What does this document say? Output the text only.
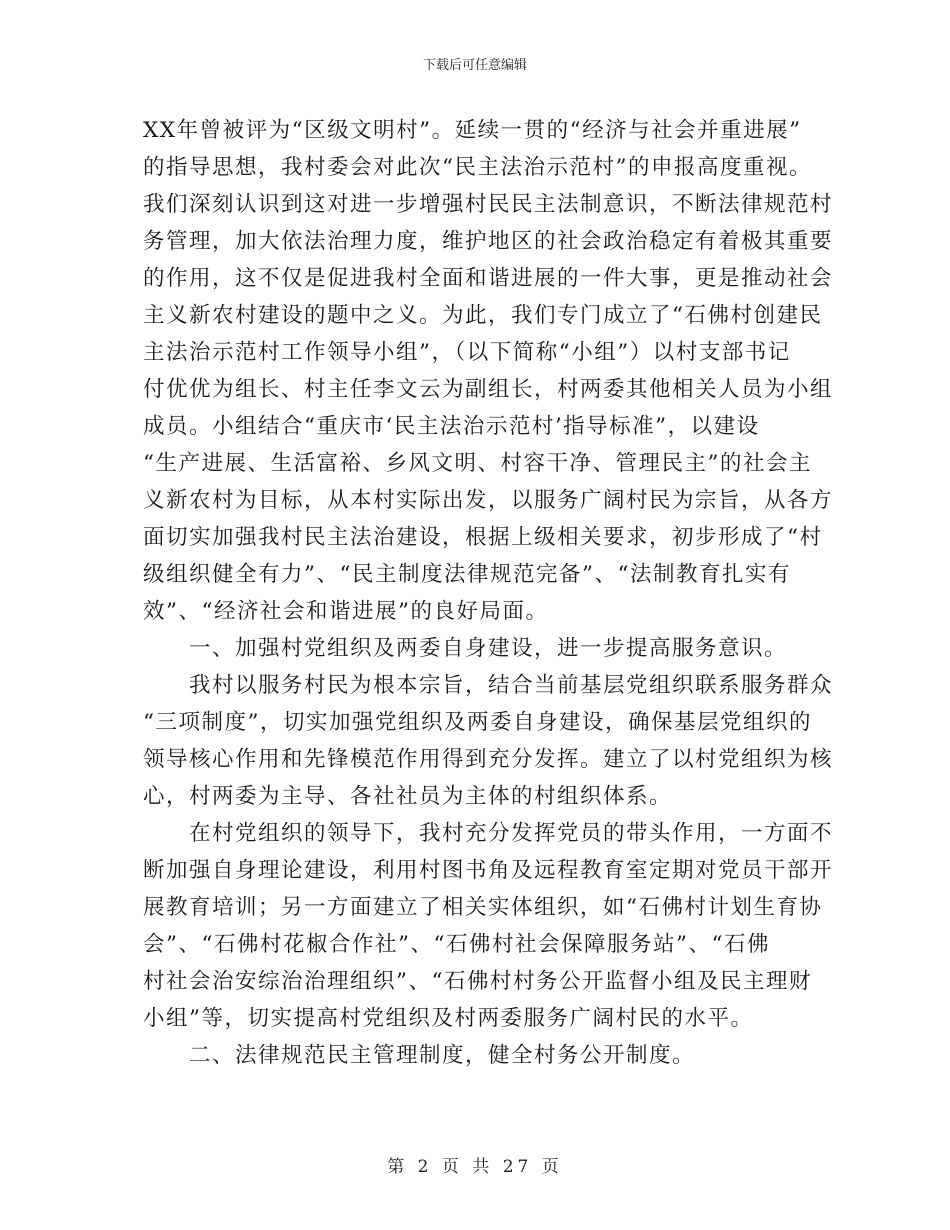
下载后可任意编辑
XX年曾被评为“区级文明村”。延续一贯的“经济与社会并重进展”
的指导思想，我村委会对此次“民主法治示范村”的申报高度重视。
我们深刻认识到这对进一步增强村民民主法制意识，不断法律规范村
务管理，加大依法治理力度，维护地区的社会政治稳定有着极其重要
的作用，这不仅是促进我村全面和谐进展的一件大事，更是推动社会
主义新农村建设的题中之义。为此，我们专门成立了“石佛村创建民
主法治示范村工作领导小组”，（以下简称“小组”）以村支部书记
付优优为组长、村主任李文云为副组长，村两委其他相关人员为小组
成员。小组结合“重庆市‘民主法治示范村’指导标准”，以建设
“生产进展、生活富裕、乡风文明、村容干净、管理民主”的社会主
义新农村为目标，从本村实际出发，以服务广阔村民为宗旨，从各方
面切实加强我村民主法治建设，根据上级相关要求，初步形成了“村
级组织健全有力”、“民主制度法律规范完备”、“法制教育扎实有
效”、“经济社会和谐进展”的良好局面。
　　一、加强村党组织及两委自身建设，进一步提高服务意识。
　　我村以服务村民为根本宗旨，结合当前基层党组织联系服务群众
“三项制度”，切实加强党组织及两委自身建设，确保基层党组织的
领导核心作用和先锋模范作用得到充分发挥。建立了以村党组织为核
心，村两委为主导、各社社员为主体的村组织体系。
　　在村党组织的领导下，我村充分发挥党员的带头作用，一方面不
断加强自身理论建设，利用村图书角及远程教育室定期对党员干部开
展教育培训；另一方面建立了相关实体组织，如“石佛村计划生育协
会”、“石佛村花椒合作社”、“石佛村社会保障服务站”、“石佛
村社会治安综治治理组织”、“石佛村村务公开监督小组及民主理财
小组”等，切实提高村党组织及村两委服务广阔村民的水平。
　　二、法律规范民主管理制度，健全村务公开制度。
第 2 页 共 27 页
